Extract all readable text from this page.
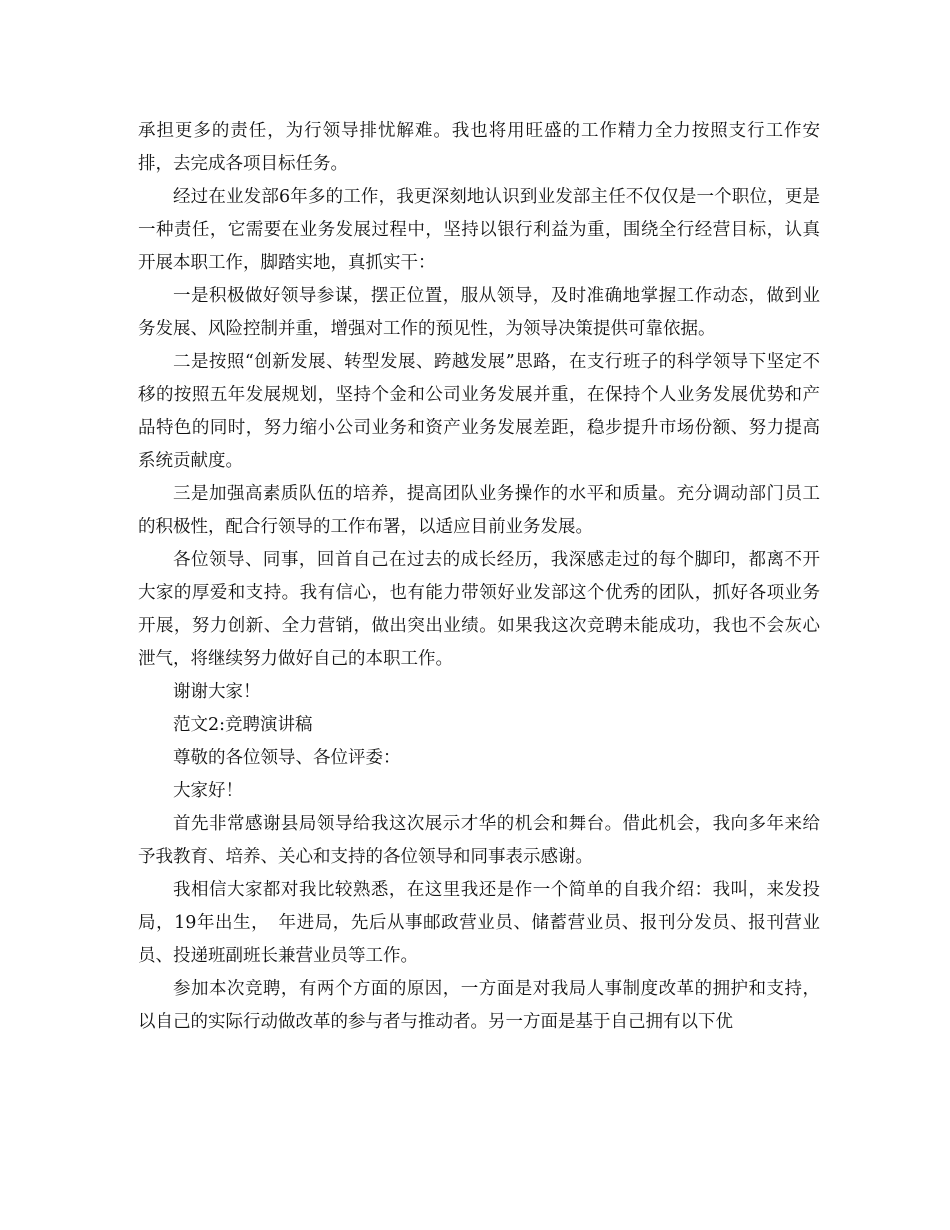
承担更多的责任，为行领导排忧解难。我也将用旺盛的工作精力全力按照支行工作安排，去完成各项目标任务。

经过在业发部6年多的工作，我更深刻地认识到业发部主任不仅仅是一个职位，更是一种责任，它需要在业务发展过程中，坚持以银行利益为重，围绕全行经营目标，认真开展本职工作，脚踏实地，真抓实干：

一是积极做好领导参谋，摆正位置，服从领导，及时准确地掌握工作动态，做到业务发展、风险控制并重，增强对工作的预见性，为领导决策提供可靠依据。

二是按照“创新发展、转型发展、跨越发展”思路，在支行班子的科学领导下坚定不移的按照五年发展规划，坚持个金和公司业务发展并重，在保持个人业务发展优势和产品特色的同时，努力缩小公司业务和资产业务发展差距，稳步提升市场份额、努力提高系统贡献度。

三是加强高素质队伍的培养，提高团队业务操作的水平和质量。充分调动部门员工的积极性，配合行领导的工作布署，以适应目前业务发展。

各位领导、同事，回首自己在过去的成长经历，我深感走过的每个脚印，都离不开大家的厚爱和支持。我有信心，也有能力带领好业发部这个优秀的团队，抓好各项业务开展，努力创新、全力营销，做出突出业绩。如果我这次竞聘未能成功，我也不会灰心泄气，将继续努力做好自己的本职工作。

谢谢大家！

范文2:竞聘演讲稿

尊敬的各位领导、各位评委：

大家好！

首先非常感谢县局领导给我这次展示才华的机会和舞台。借此机会，我向多年来给予我教育、培养、关心和支持的各位领导和同事表示感谢。

我相信大家都对我比较熟悉，在这里我还是作一个简单的自我介绍：我叫，来发投局，19年出生，　年进局，先后从事邮政营业员、储蓄营业员、报刊分发员、报刊营业员、投递班副班长兼营业员等工作。

参加本次竞聘，有两个方面的原因，一方面是对我局人事制度改革的拥护和支持，以自己的实际行动做改革的参与者与推动者。另一方面是基于自己拥有以下优
